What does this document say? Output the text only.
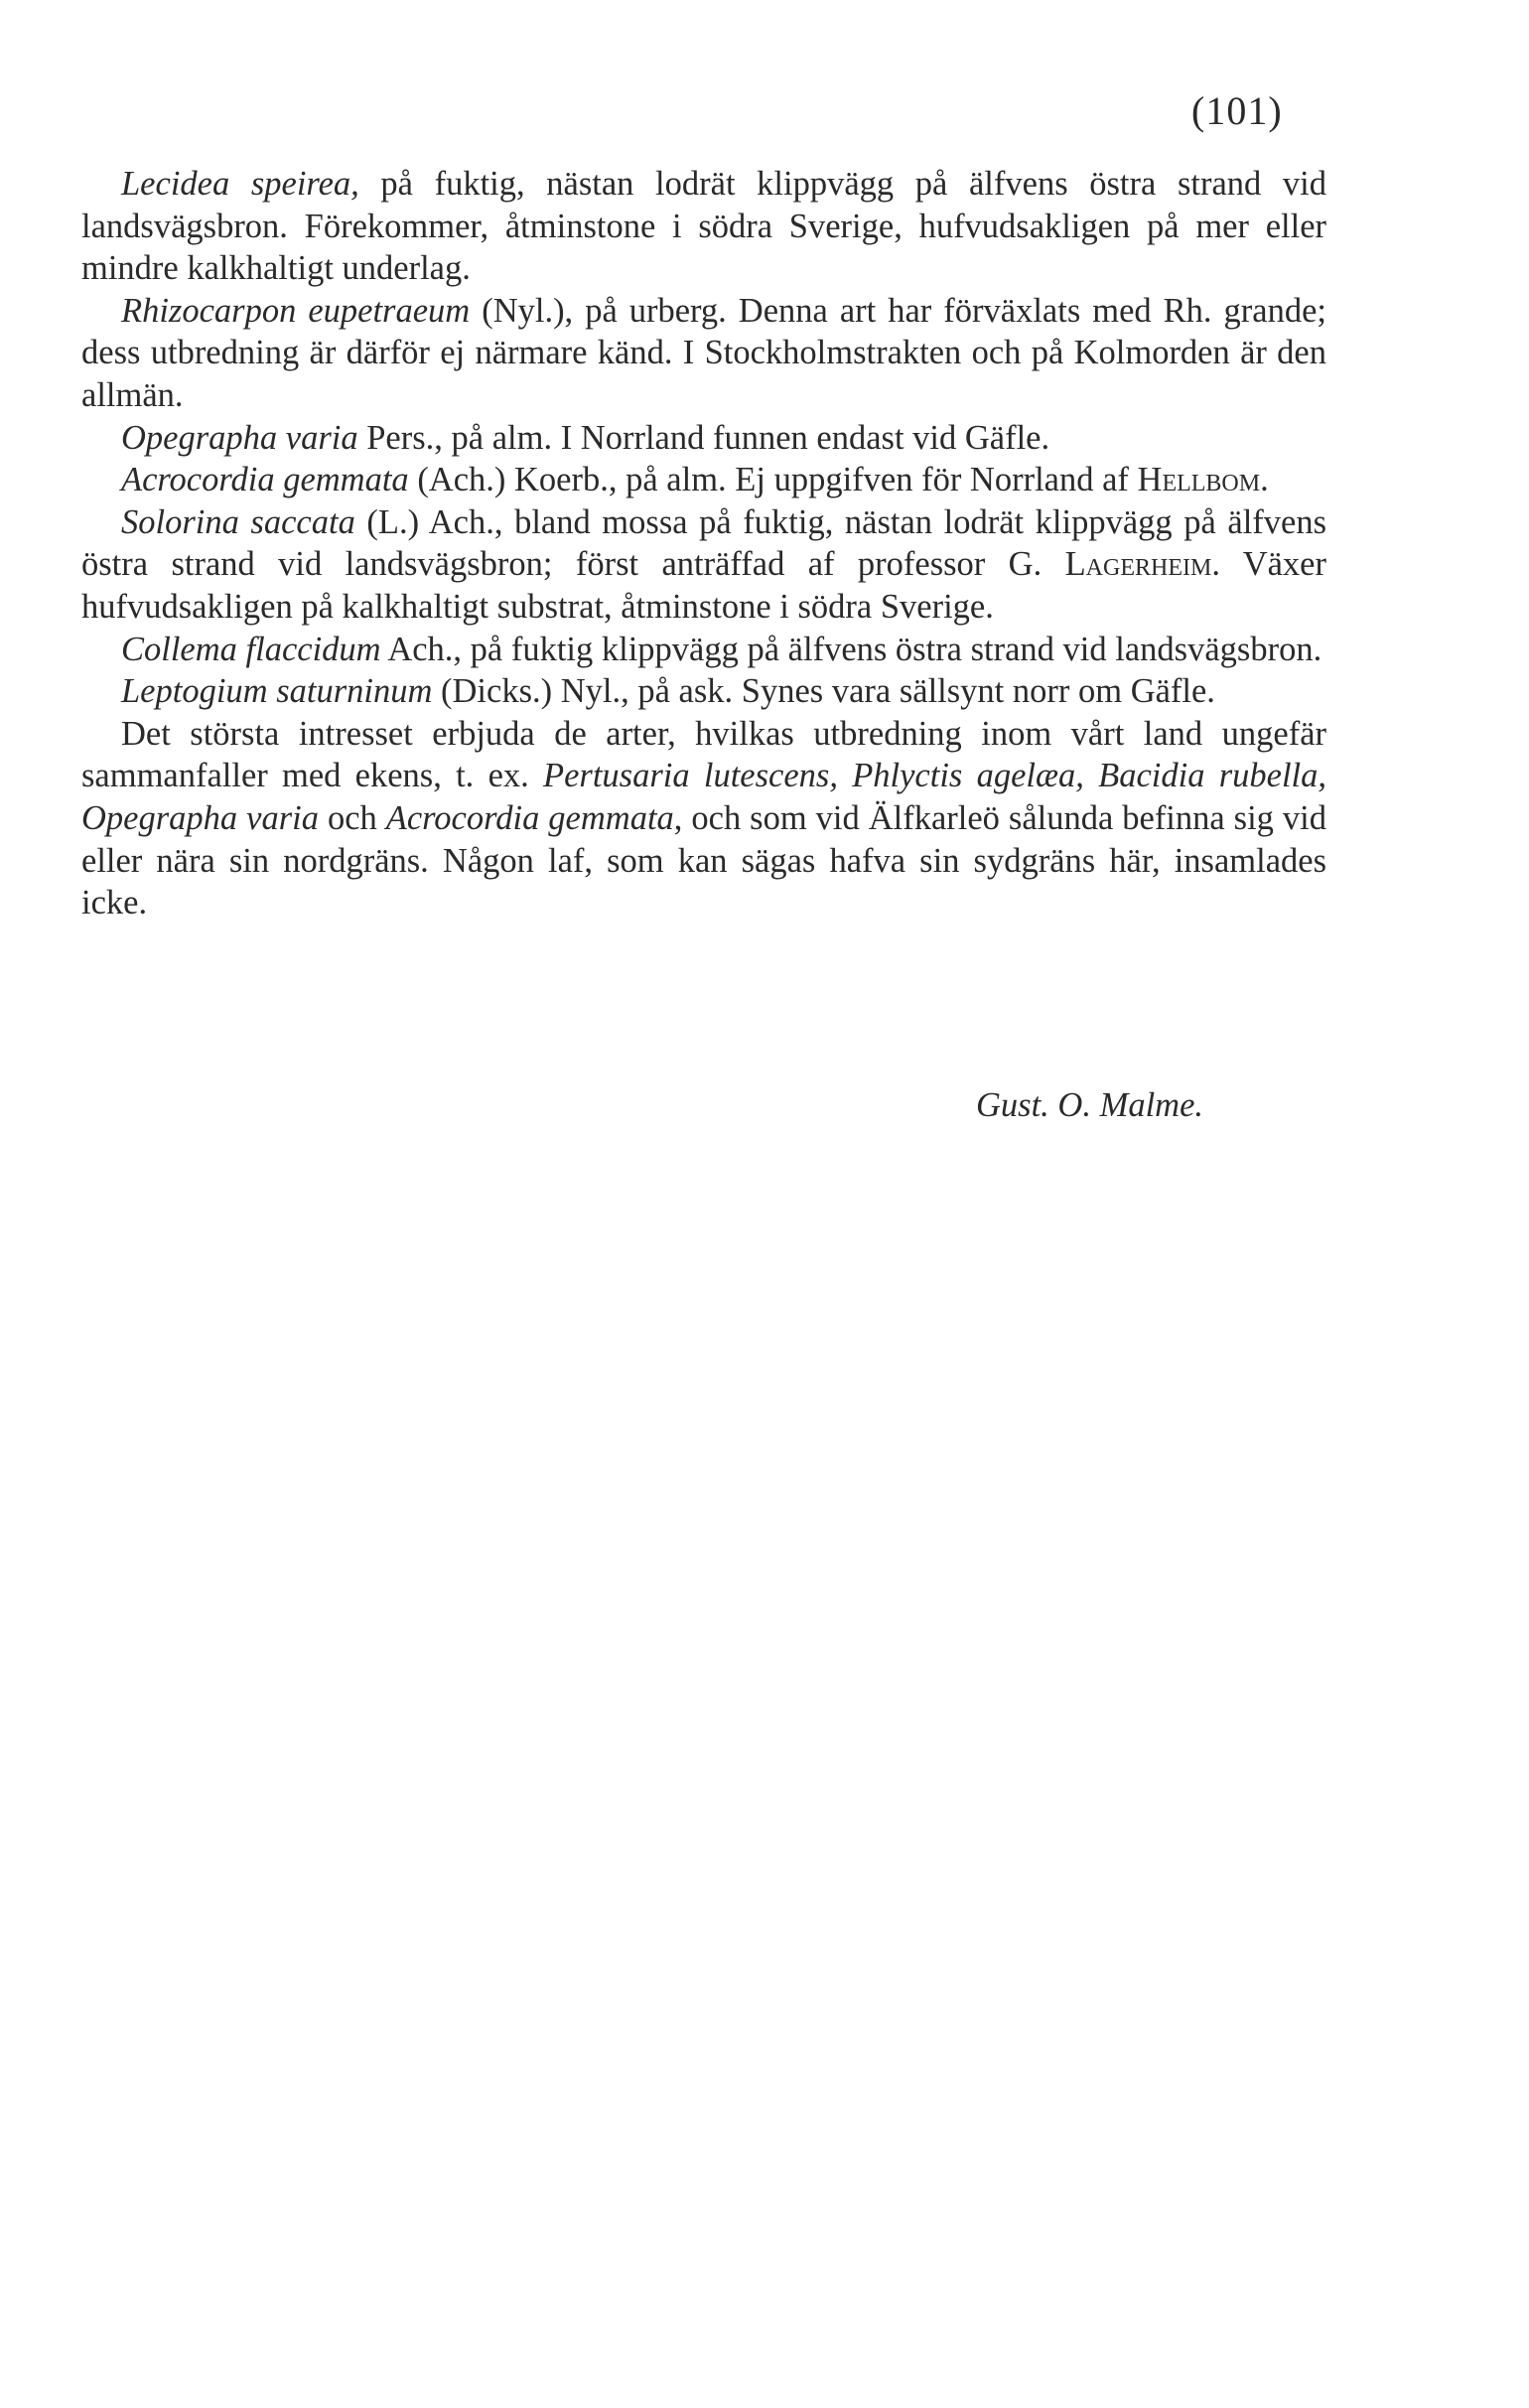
(101)

Lecidea speirea, på fuktig, nästan lodrät klippvägg på älfvens östra strand vid landsvägsbron. Förekommer, åtminstone i södra Sverige, hufvudsakligen på mer eller mindre kalkhaltigt underlag.

Rhizocarpon eupetraeum (Nyl.), på urberg. Denna art har förväxlats med Rh. grande; dess utbredning är därför ej närmare känd. I Stockholmstrakten och på Kolmorden är den allmän.

Opegrapha varia Pers., på alm. I Norrland funnen endast vid Gäfle.

Acrocordia gemmata (Ach.) Koerb., på alm. Ej uppgifven för Norrland af Hellbom.

Solorina saccata (L.) Ach., bland mossa på fuktig, nästan lodrät klippvägg på älfvens östra strand vid landsvägsbron; först anträffad af professor G. Lagerheim. Växer hufvudsakligen på kalkhaltigt substrat, åtminstone i södra Sverige.

Collema flaccidum Ach., på fuktig klippvägg på älfvens östra strand vid landsvägsbron.

Leptogium saturninum (Dicks.) Nyl., på ask. Synes vara sällsynt norr om Gäfle.

Det största intresset erbjuda de arter, hvilkas utbredning inom vårt land ungefär sammanfaller med ekens, t. ex. Pertusaria lutescens, Phlyctis agelæa, Bacidia rubella, Opegrapha varia och Acrocordia gemmata, och som vid Älfkarleö sålunda befinna sig vid eller nära sin nordgräns. Någon laf, som kan sägas hafva sin sydgräns här, insamlades icke.

Gust. O. Malme.
